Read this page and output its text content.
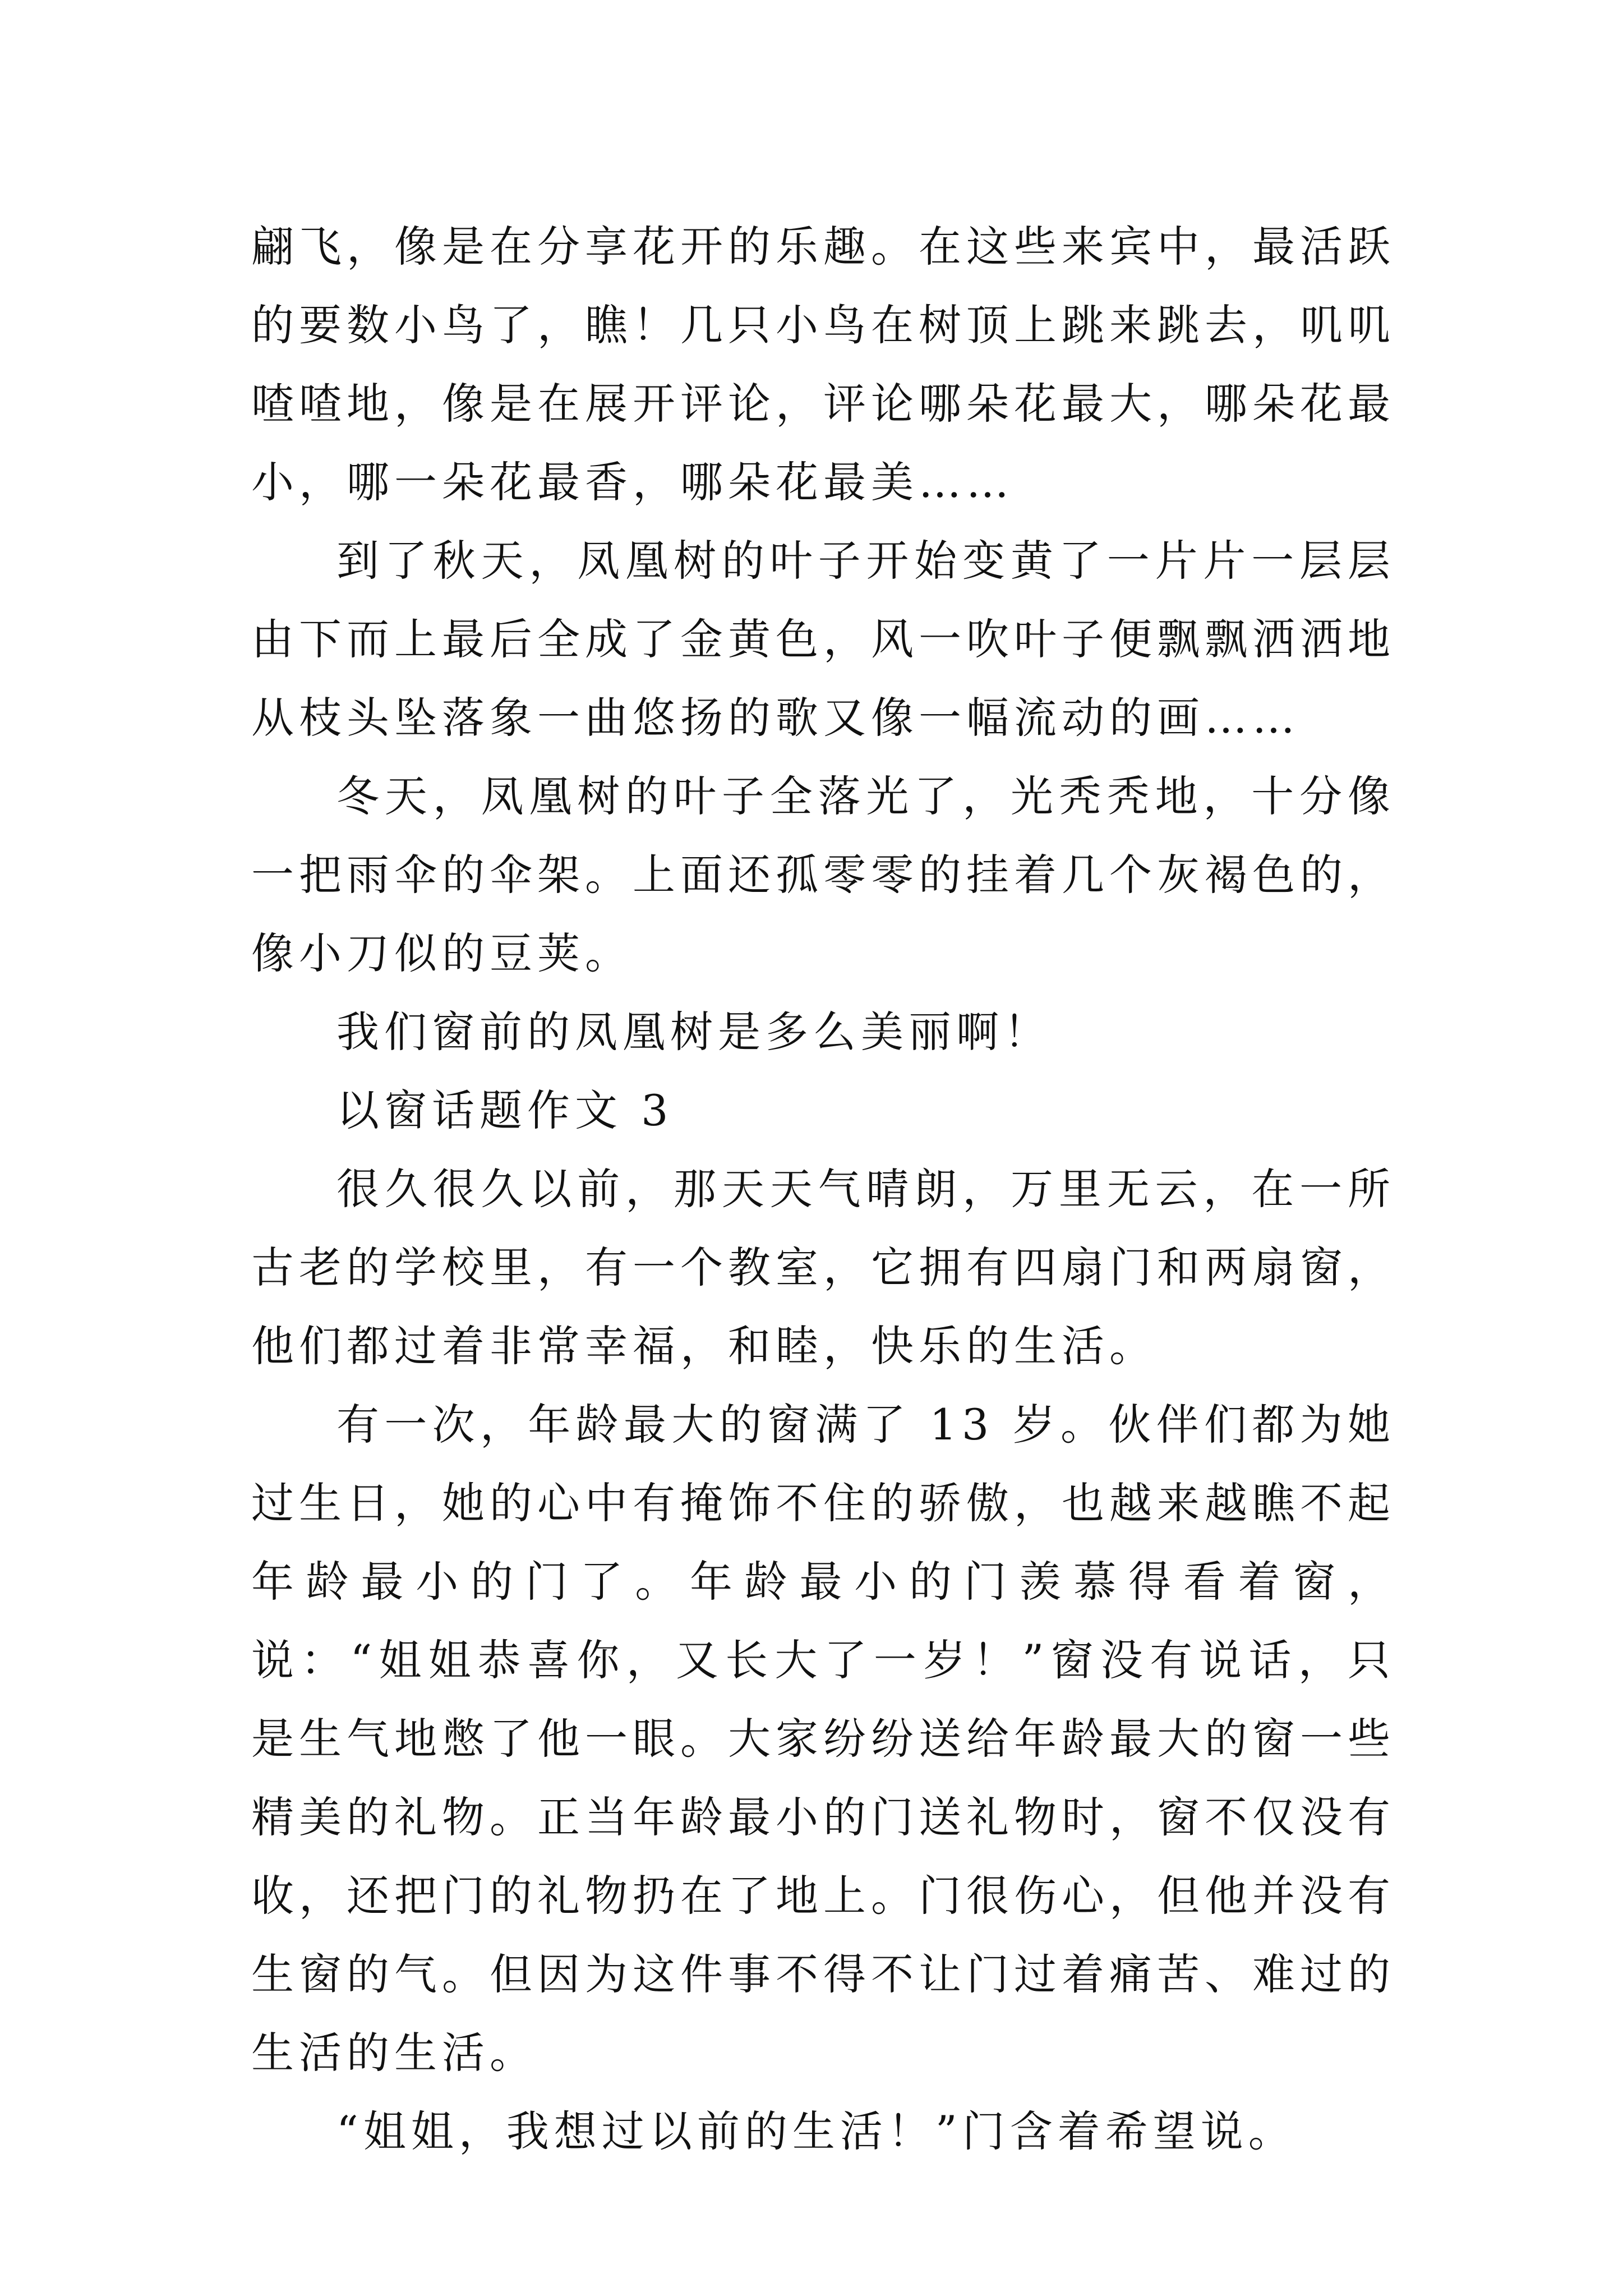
翩飞，像是在分享花开的乐趣。在这些来宾中，最活跃的要数小鸟了，瞧！几只小鸟在树顶上跳来跳去，叽叽喳喳地，像是在展开评论，评论哪朵花最大，哪朵花最小，哪一朵花最香，哪朵花最美……

到了秋天，凤凰树的叶子开始变黄了一片片一层层由下而上最后全成了金黄色，风一吹叶子便飘飘洒洒地从枝头坠落象一曲悠扬的歌又像一幅流动的画……

冬天，凤凰树的叶子全落光了，光秃秃地，十分像一把雨伞的伞架。上面还孤零零的挂着几个灰褐色的，像小刀似的豆荚。

我们窗前的凤凰树是多么美丽啊！

以窗话题作文 3

很久很久以前，那天天气晴朗，万里无云，在一所古老的学校里，有一个教室，它拥有四扇门和两扇窗，他们都过着非常幸福，和睦，快乐的生活。

有一次，年龄最大的窗满了 13 岁。伙伴们都为她过生日，她的心中有掩饰不住的骄傲，也越来越瞧不起年龄最小的门了。年龄最小的门羡慕得看着窗，说：“姐姐恭喜你，又长大了一岁！”窗没有说话，只是生气地憋了他一眼。大家纷纷送给年龄最大的窗一些精美的礼物。正当年龄最小的门送礼物时，窗不仅没有收，还把门的礼物扔在了地上。门很伤心，但他并没有生窗的气。但因为这件事不得不让门过着痛苦、难过的生活的生活。

“姐姐，我想过以前的生活！”门含着希望说。
